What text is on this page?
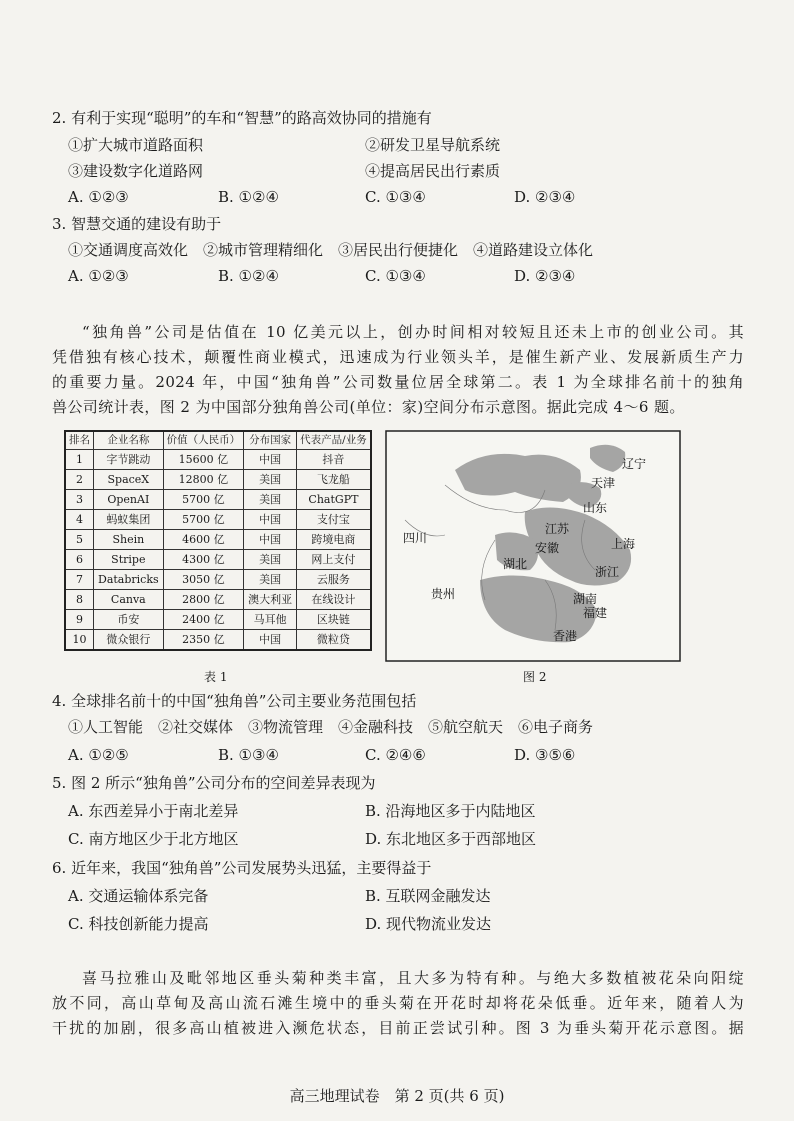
2. 有利于实现“聪明”的车和“智慧”的路高效协同的措施有
①扩大城市道路面积	②研发卫星导航系统
③建设数字化道路网	④提高居民出行素质
A. ①②③	B. ①②④	C. ①③④	D. ②③④
3. 智慧交通的建设有助于
①交通调度高效化　②城市管理精细化　③居民出行便捷化　④道路建设立体化
A. ①②③	B. ①②④	C. ①③④	D. ②③④

“独角兽”公司是估值在 10 亿美元以上，创办时间相对较短且还未上市的创业公司。其

凭借独有核心技术，颠覆性商业模式，迅速成为行业领头羊，是催生新产业、发展新质生产力

的重要力量。2024 年，中国“独角兽”公司数量位居全球第二。表 1 为全球排名前十的独角

兽公司统计表，图 2 为中国部分独角兽公司(单位：家)空间分布示意图。据此完成 4～6 题。

排名	企业名称	价值（人民币）	分布国家	代表产品/业务
1	字节跳动	15600 亿	中国	抖音
2	SpaceX	12800 亿	美国	飞龙船
3	OpenAI	5700 亿	美国	ChatGPT
4	蚂蚁集团	5700 亿	中国	支付宝
5	Shein	4600 亿	中国	跨境电商
6	Stripe	4300 亿	美国	网上支付
7	Databricks	3050 亿	美国	云服务
8	Canva	2800 亿	澳大利亚	在线设计
9	币安	2400 亿	马耳他	区块链
10	微众银行	2350 亿	中国	微粒贷
表 1
辽宁
天津
山东
江苏
上海
安徽
浙江
四川
湖北
贵州	湖南
福建
香港
图 2
4. 全球排名前十的中国“独角兽”公司主要业务范围包括
①人工智能　②社交媒体　③物流管理　④金融科技　⑤航空航天　⑥电子商务
A. ①②⑤	B. ①③④	C. ②④⑥	D. ③⑤⑥
5. 图 2 所示“独角兽”公司分布的空间差异表现为
A. 东西差异小于南北差异	B. 沿海地区多于内陆地区
C. 南方地区少于北方地区	D. 东北地区多于西部地区
6. 近年来，我国“独角兽”公司发展势头迅猛，主要得益于
A. 交通运输体系完备	B. 互联网金融发达
C. 科技创新能力提高	D. 现代物流业发达

喜马拉雅山及毗邻地区垂头菊种类丰富，且大多为特有种。与绝大多数植被花朵向阳绽

放不同，高山草甸及高山流石滩生境中的垂头菊在开花时却将花朵低垂。近年来，随着人为

干扰的加剧，很多高山植被进入濒危状态，目前正尝试引种。图 3 为垂头菊开花示意图。据

高三地理试卷　第 2 页(共 6 页)
